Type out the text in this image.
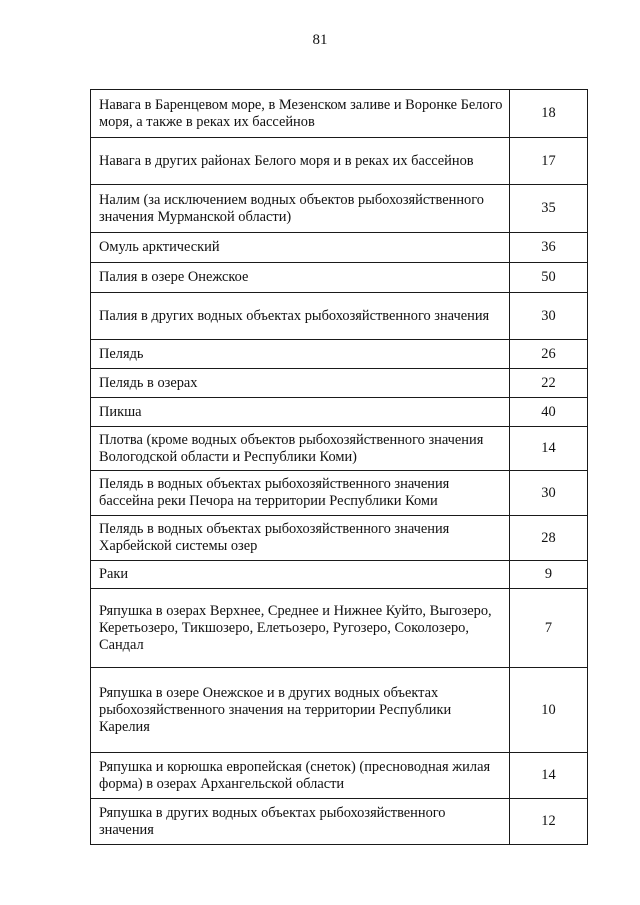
81
Навага в Баренцевом море, в Мезенском заливе и Воронке Белого моря, а также в реках их бассейнов	18
Навага в других районах Белого моря и в реках их бассейнов	17
Налим (за исключением водных объектов рыбохозяйственного значения Мурманской области)	35
Омуль арктический	36
Палия в озере Онежское	50
Палия в других водных объектах рыбохозяйственного значения	30
Пелядь	26
Пелядь в озерах	22
Пикша	40
Плотва (кроме водных объектов рыбохозяйственного значения Вологодской области и Республики Коми)	14
Пелядь в водных объектах рыбохозяйственного значения бассейна реки Печора на территории Республики Коми	30
Пелядь в водных объектах рыбохозяйственного значения Харбейской системы озер	28
Раки	9
Ряпушка в озерах Верхнее, Среднее и Нижнее Куйто, Выгозеро, Керетьозеро, Тикшозеро, Елетьозеро, Ругозеро, Соколозеро, Сандал	7
Ряпушка в озере Онежское и в других водных объектах рыбохозяйственного значения на территории Республики Карелия	10
Ряпушка и корюшка европейская (снеток) (пресноводная жилая форма) в озерах Архангельской области	14
Ряпушка в других водных объектах рыбохозяйственного значения	12
